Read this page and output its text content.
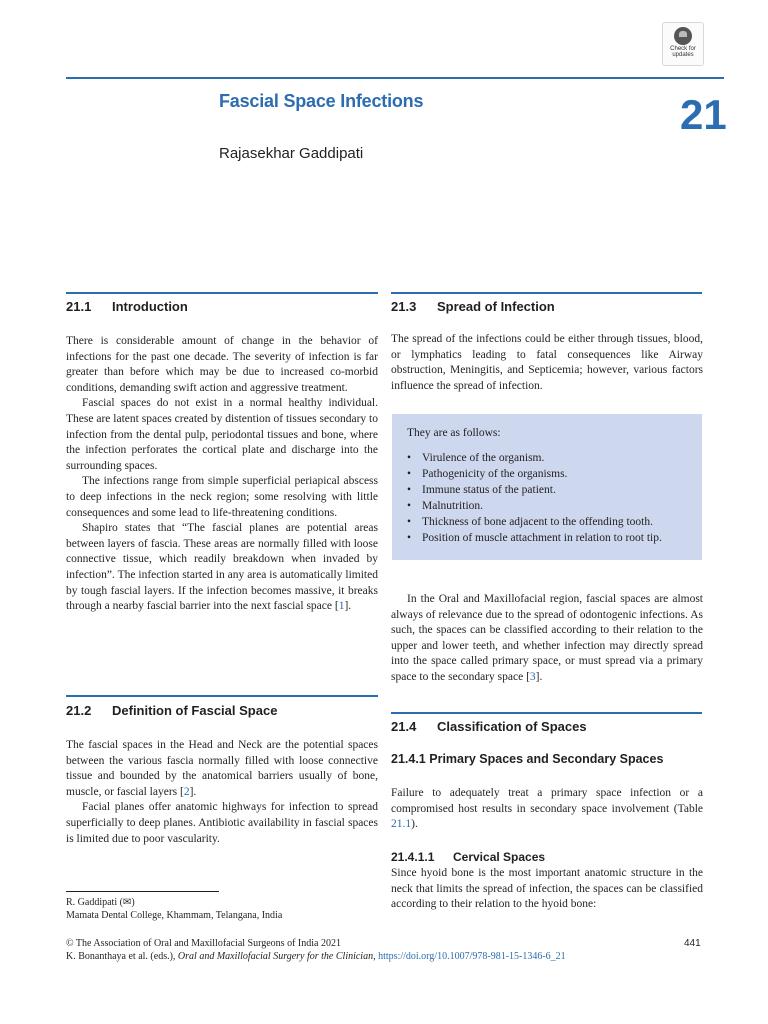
Check for
updates
Fascial Space Infections	21
Rajasekhar Gaddipati
21.1 Introduction

There is considerable amount of change in the behavior of infections for the past one decade. The severity of infection is far greater than before which may be due to increased co-morbid conditions, demanding swift action and aggressive treatment.

Fascial spaces do not exist in a normal healthy individual. These are latent spaces created by distention of tissues secondary to infection from the dental pulp, periodontal tissues and bone, where the infection perforates the cortical plate and discharge into the surrounding spaces.

The infections range from simple superficial periapical abscess to deep infections in the neck region; some resolving with little consequences and some lead to life-threatening conditions.

Shapiro states that “The fascial planes are potential areas between layers of fascia. These areas are normally filled with loose connective tissue, which readily breakdown when invaded by infection”. The infection started in any area is automatically limited by tough fascial layers. If the infection becomes massive, it breaks through a nearby fascial barrier into the next fascial space [1].

21.2 Definition of Fascial Space

The fascial spaces in the Head and Neck are the potential spaces between the various fascia normally filled with loose connective tissue and bounded by the anatomical barriers usually of bone, muscle, or fascial layers [2].

Facial planes offer anatomic highways for infection to spread superficially to deep planes. Antibiotic availability in fascial spaces is limited due to poor vascularity.

R. Gaddipati (✉)
Mamata Dental College, Khammam, Telangana, India
21.3 Spread of Infection

The spread of the infections could be either through tissues, blood, or lymphatics leading to fatal consequences like Airway obstruction, Meningitis, and Septicemia; however, various factors influence the spread of infection.

They are as follows:
• Virulence of the organism.
• Pathogenicity of the organisms.
• Immune status of the patient.
• Malnutrition.
• Thickness of bone adjacent to the offending tooth.
• Position of muscle attachment in relation to root tip.

In the Oral and Maxillofacial region, fascial spaces are almost always of relevance due to the spread of odontogenic infections. As such, the spaces can be classified according to their relation to the upper and lower teeth, and whether infection may directly spread into the space called primary space, or must spread via a primary space to the secondary space [3].

21.4 Classification of Spaces
21.4.1 Primary Spaces and Secondary Spaces

Failure to adequately treat a primary space infection or a compromised host results in secondary space involvement (Table 21.1).

21.4.1.1 Cervical Spaces

Since hyoid bone is the most important anatomic structure in the neck that limits the spread of infection, the spaces can be classified according to their relation to the hyoid bone:

© The Association of Oral and Maxillofacial Surgeons of India 2021
K. Bonanthaya et al. (eds.), Oral and Maxillofacial Surgery for the Clinician, https://doi.org/10.1007/978-981-15-1346-6_21
441
